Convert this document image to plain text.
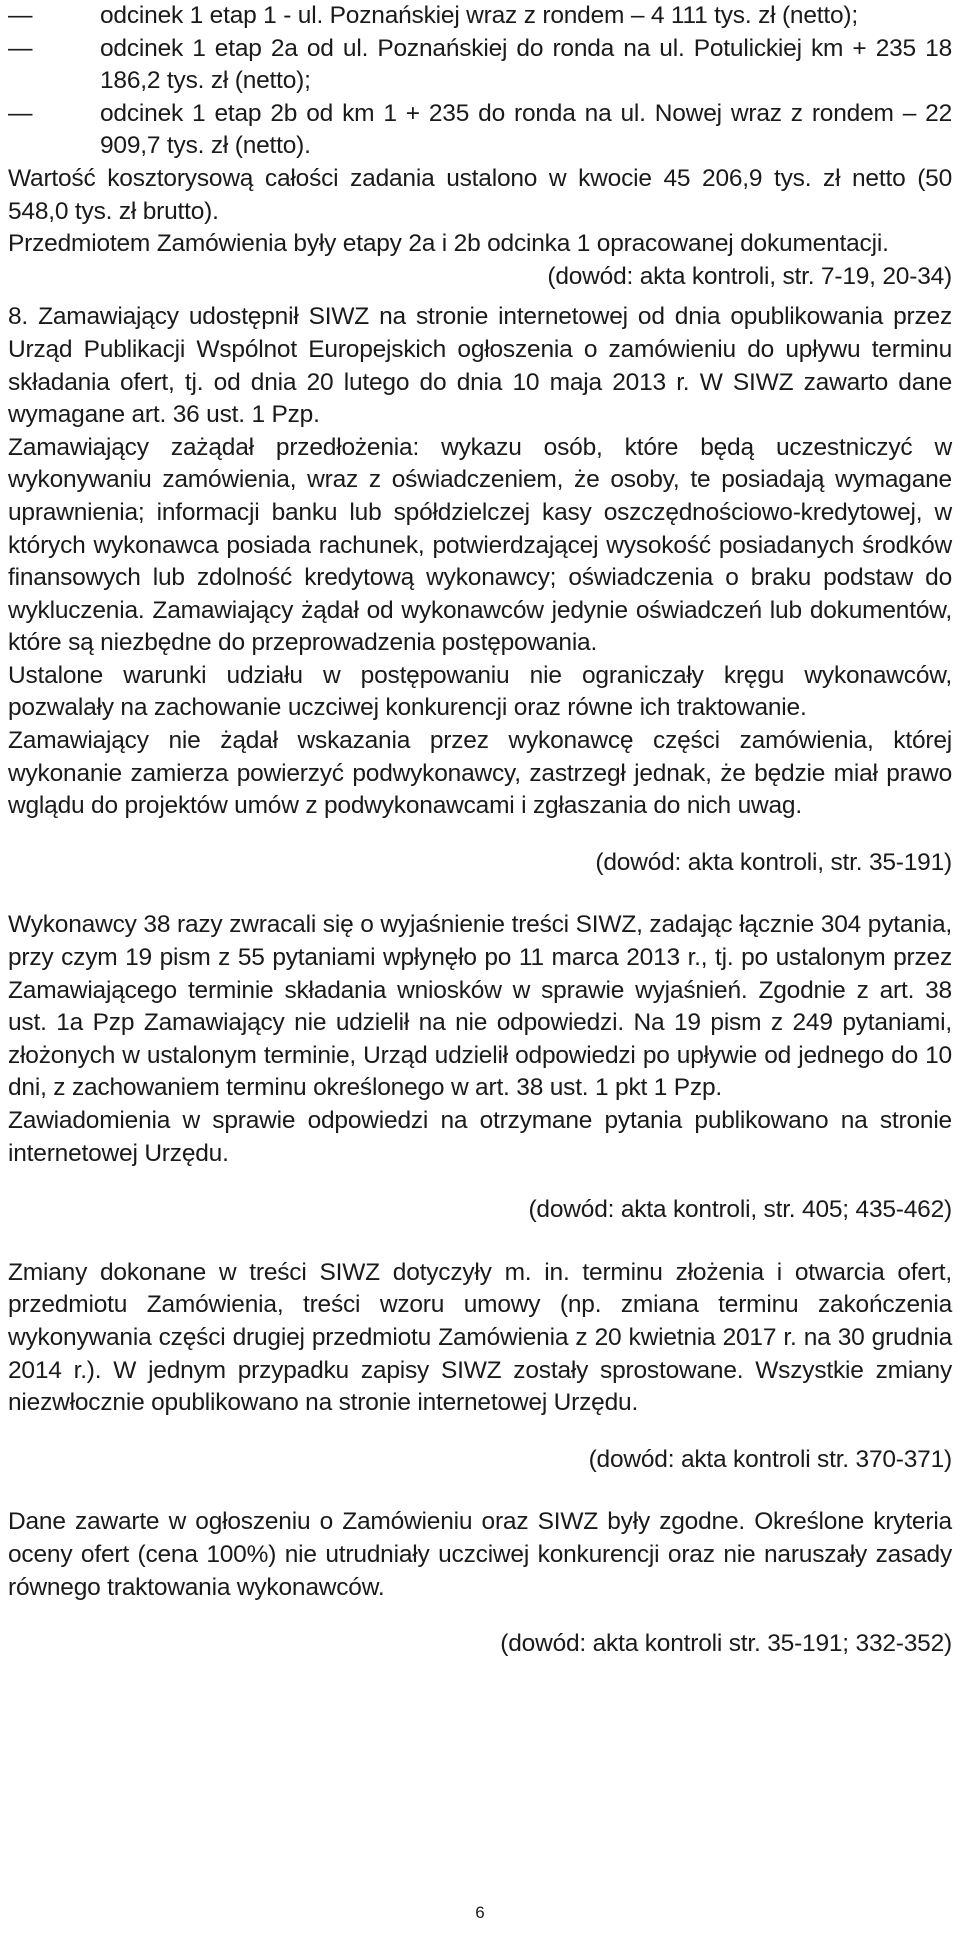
—	odcinek 1 etap 1 - ul. Poznańskiej wraz z rondem – 4 111 tys. zł (netto);
—	odcinek 1 etap 2a od ul. Poznańskiej do ronda na ul. Potulickiej km + 235 18 186,2 tys. zł (netto);
—	odcinek 1 etap 2b od km 1 + 235 do ronda na ul. Nowej wraz z rondem – 22 909,7 tys. zł (netto).

Wartość kosztorysową całości zadania ustalono w kwocie 45 206,9 tys. zł netto (50 548,0 tys. zł brutto).

Przedmiotem Zamówienia były etapy 2a i 2b odcinka 1 opracowanej dokumentacji.

(dowód: akta kontroli, str. 7-19, 20-34)

8. Zamawiający udostępnił SIWZ na stronie internetowej od dnia opublikowania przez Urząd Publikacji Wspólnot Europejskich ogłoszenia o zamówieniu do upływu terminu składania ofert, tj. od dnia 20 lutego do dnia 10 maja 2013 r. W SIWZ zawarto dane wymagane art. 36 ust. 1 Pzp.

Zamawiający zażądał przedłożenia: wykazu osób, które będą uczestniczyć w wykonywaniu zamówienia, wraz z oświadczeniem, że osoby, te posiadają wymagane uprawnienia; informacji banku lub spółdzielczej kasy oszczędnościowo-kredytowej, w których wykonawca posiada rachunek, potwierdzającej wysokość posiadanych środków finansowych lub zdolność kredytową wykonawcy; oświadczenia o braku podstaw do wykluczenia. Zamawiający żądał od wykonawców jedynie oświadczeń lub dokumentów, które są niezbędne do przeprowadzenia postępowania.

Ustalone warunki udziału w postępowaniu nie ograniczały kręgu wykonawców, pozwalały na zachowanie uczciwej konkurencji oraz równe ich traktowanie.

Zamawiający nie żądał wskazania przez wykonawcę części zamówienia, której wykonanie zamierza powierzyć podwykonawcy, zastrzegł jednak, że będzie miał prawo wglądu do projektów umów z podwykonawcami i zgłaszania do nich uwag.

(dowód: akta kontroli, str. 35-191)

Wykonawcy 38 razy zwracali się o wyjaśnienie treści SIWZ, zadając łącznie 304 pytania, przy czym 19 pism z 55 pytaniami wpłynęło po 11 marca 2013 r., tj. po ustalonym przez Zamawiającego terminie składania wniosków w sprawie wyjaśnień. Zgodnie z art. 38 ust. 1a Pzp Zamawiający nie udzielił na nie odpowiedzi. Na 19 pism z 249 pytaniami, złożonych w ustalonym terminie, Urząd udzielił odpowiedzi po upływie od jednego do 10 dni, z zachowaniem terminu określonego w art. 38 ust. 1 pkt 1 Pzp.

Zawiadomienia w sprawie odpowiedzi na otrzymane pytania publikowano na stronie internetowej Urzędu.

(dowód: akta kontroli, str. 405; 435-462)

Zmiany dokonane w treści SIWZ dotyczyły m. in. terminu złożenia i otwarcia ofert, przedmiotu Zamówienia, treści wzoru umowy (np. zmiana terminu zakończenia wykonywania części drugiej przedmiotu Zamówienia z 20 kwietnia 2017 r. na 30 grudnia 2014 r.). W jednym przypadku zapisy SIWZ zostały sprostowane. Wszystkie zmiany niezwłocznie opublikowano na stronie internetowej Urzędu.

(dowód: akta kontroli str. 370-371)

Dane zawarte w ogłoszeniu o Zamówieniu oraz SIWZ były zgodne. Określone kryteria oceny ofert (cena 100%) nie utrudniały uczciwej konkurencji oraz nie naruszały zasady równego traktowania wykonawców.

(dowód: akta kontroli str. 35-191; 332-352)

6
